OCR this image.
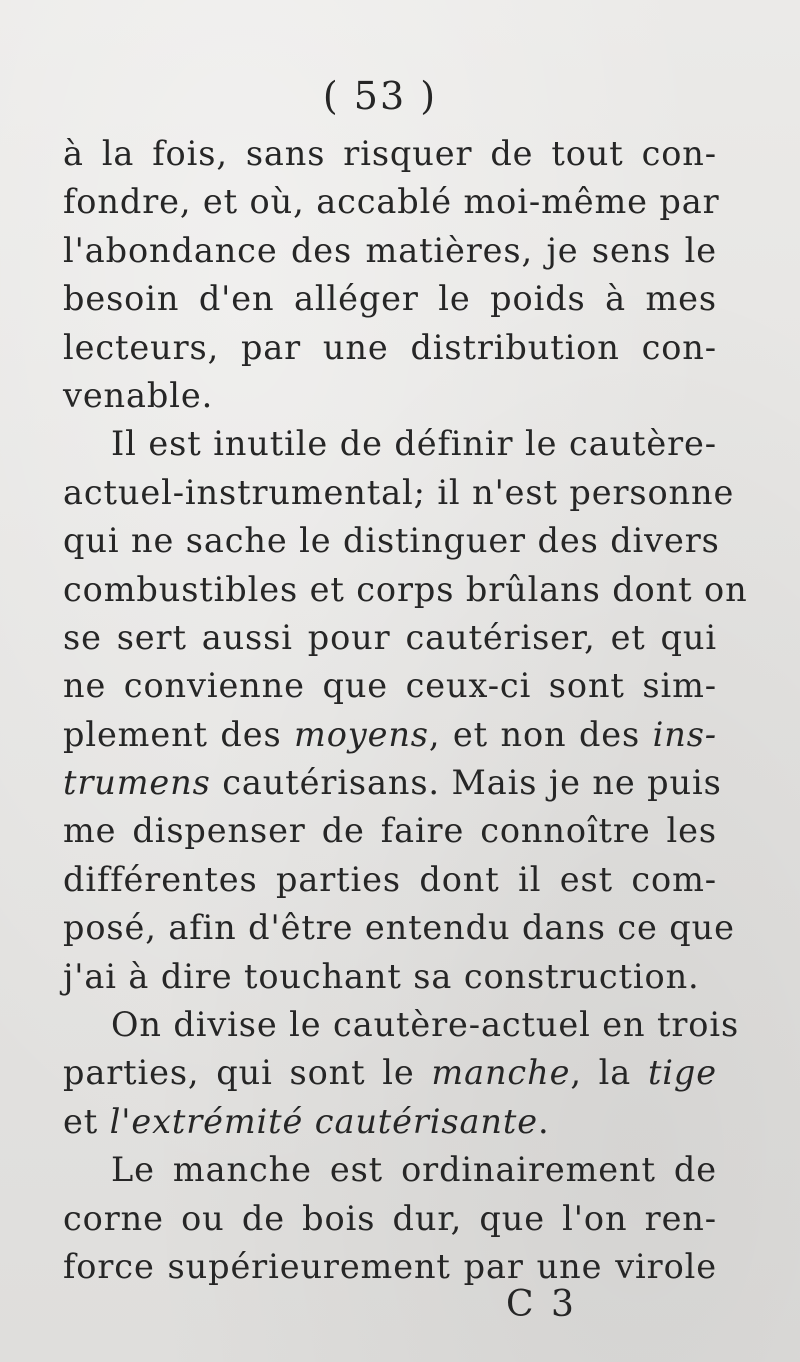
( 53 )
à la fois, sans risquer de tout con-
fondre, et où, accablé moi-même par
l'abondance des matières, je sens le
besoin d'en alléger le poids à mes
lecteurs, par une distribution con-
venable.
Il est inutile de définir le cautère-
actuel-instrumental; il n'est personne
qui ne sache le distinguer des divers
combustibles et corps brûlans dont on
se sert aussi pour cautériser, et qui
ne convienne que ceux-ci sont sim-
plement des moyens, et non des ins-
trumens cautérisans. Mais je ne puis
me dispenser de faire connoître les
différentes parties dont il est com-
posé, afin d'être entendu dans ce que
j'ai à dire touchant sa construction.
On divise le cautère-actuel en trois
parties, qui sont le manche, la tige
et l'extrémité cautérisante.
Le manche est ordinairement de
corne ou de bois dur, que l'on ren-
force supérieurement par une virole
C 3
